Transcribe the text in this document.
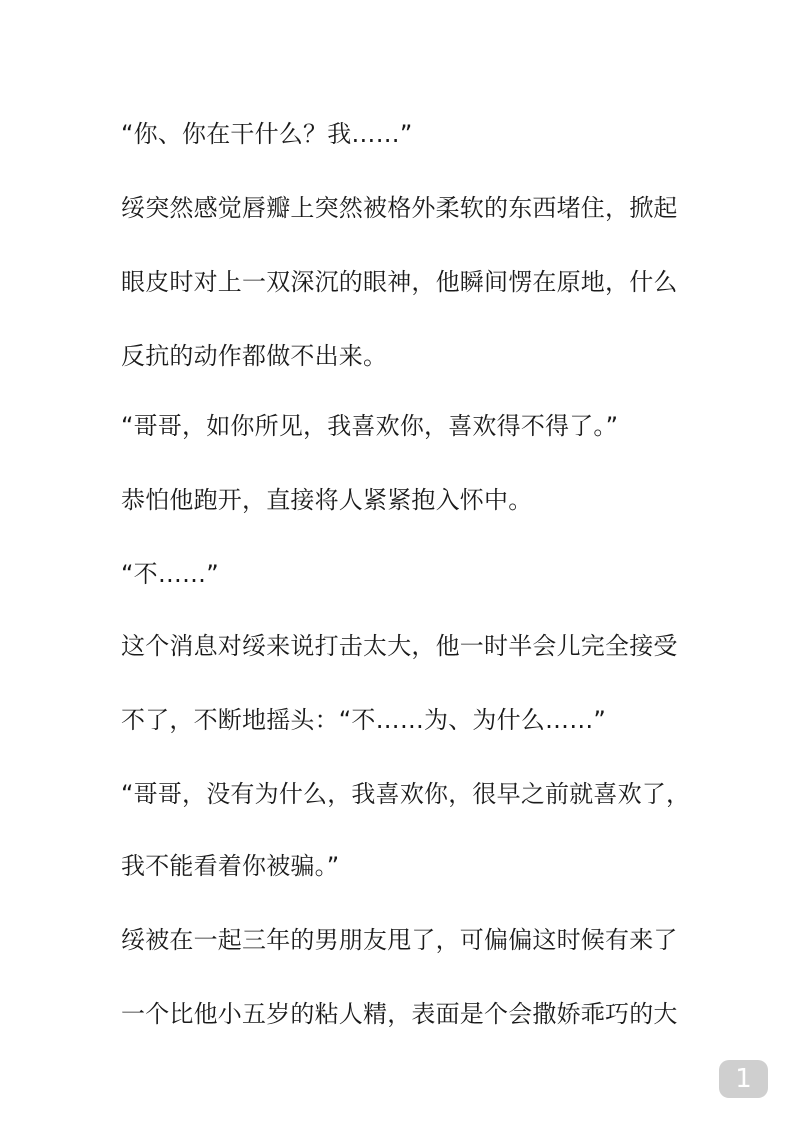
“你、你在干什么？我……”
绥突然感觉唇瓣上突然被格外柔软的东西堵住，掀起
眼皮时对上一双深沉的眼神，他瞬间愣在原地，什么
反抗的动作都做不出来。
“哥哥，如你所见，我喜欢你，喜欢得不得了。”
恭怕他跑开，直接将人紧紧抱入怀中。
“不……”
这个消息对绥来说打击太大，他一时半会儿完全接受
不了，不断地摇头：“不……为、为什么……”
“哥哥，没有为什么，我喜欢你，很早之前就喜欢了，
我不能看着你被骗。”
绥被在一起三年的男朋友甩了，可偏偏这时候有来了
一个比他小五岁的粘人精，表面是个会撒娇乖巧的大
1
